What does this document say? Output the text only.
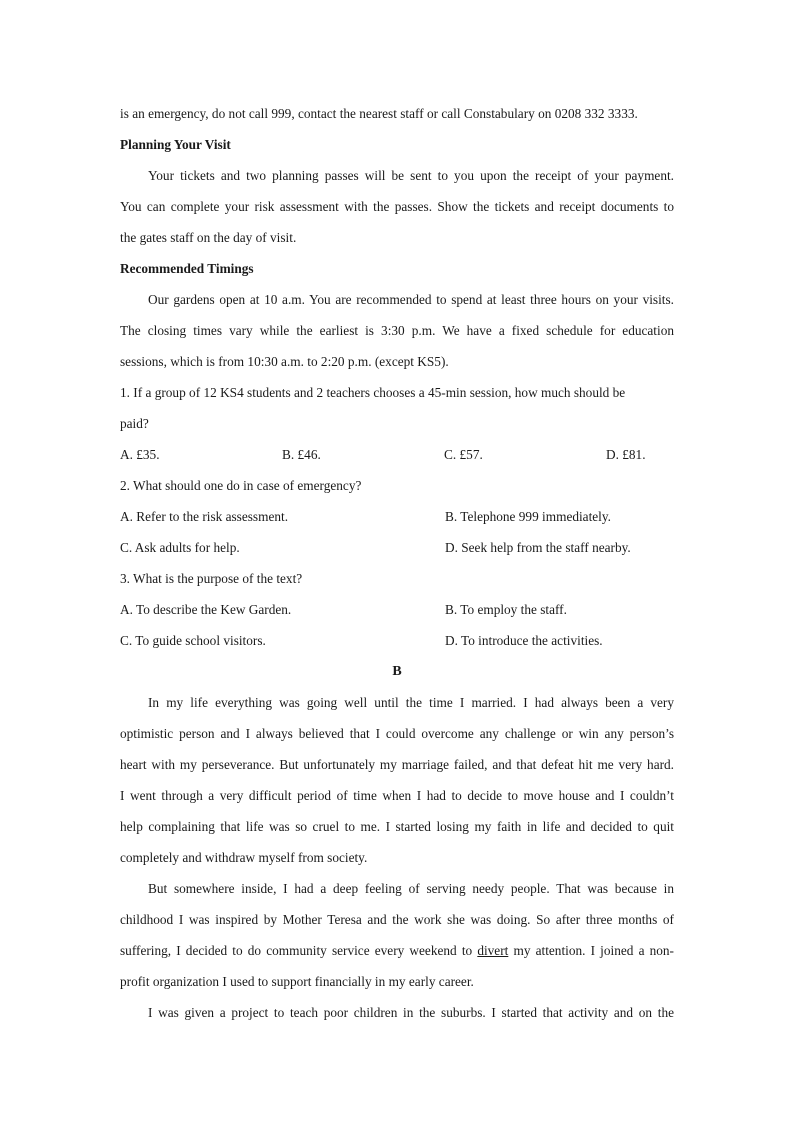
is an emergency, do not call 999, contact the nearest staff or call Constabulary on 0208 332 3333.
Planning Your Visit
Your tickets and two planning passes will be sent to you upon the receipt of your payment.
You can complete your risk assessment with the passes. Show the tickets and receipt documents to
the gates staff on the day of visit.
Recommended Timings
Our gardens open at 10 a.m. You are recommended to spend at least three hours on your visits.
The closing times vary while the earliest is 3:30 p.m. We have a fixed schedule for education
sessions, which is from 10:30 a.m. to 2:20 p.m. (except KS5).
1. If a group of 12 KS4 students and 2 teachers chooses a 45-min session, how much should be
paid?
A. £35.	B. £46.	C. £57.	D. £81.
2. What should one do in case of emergency?
A. Refer to the risk assessment.	B. Telephone 999 immediately.
C. Ask adults for help.	D. Seek help from the staff nearby.
3. What is the purpose of the text?
A. To describe the Kew Garden.	B. To employ the staff.
C. To guide school visitors.	D. To introduce the activities.
B
In my life everything was going well until the time I married. I had always been a very
optimistic person and I always believed that I could overcome any challenge or win any person’s
heart with my perseverance. But unfortunately my marriage failed, and that defeat hit me very hard.
I went through a very difficult period of time when I had to decide to move house and I couldn’t
help complaining that life was so cruel to me. I started losing my faith in life and decided to quit
completely and withdraw myself from society.
But somewhere inside, I had a deep feeling of serving needy people. That was because in
childhood I was inspired by Mother Teresa and the work she was doing. So after three months of
suffering, I decided to do community service every weekend to divert my attention. I joined a non-
profit organization I used to support financially in my early career.
I was given a project to teach poor children in the suburbs. I started that activity and on the
